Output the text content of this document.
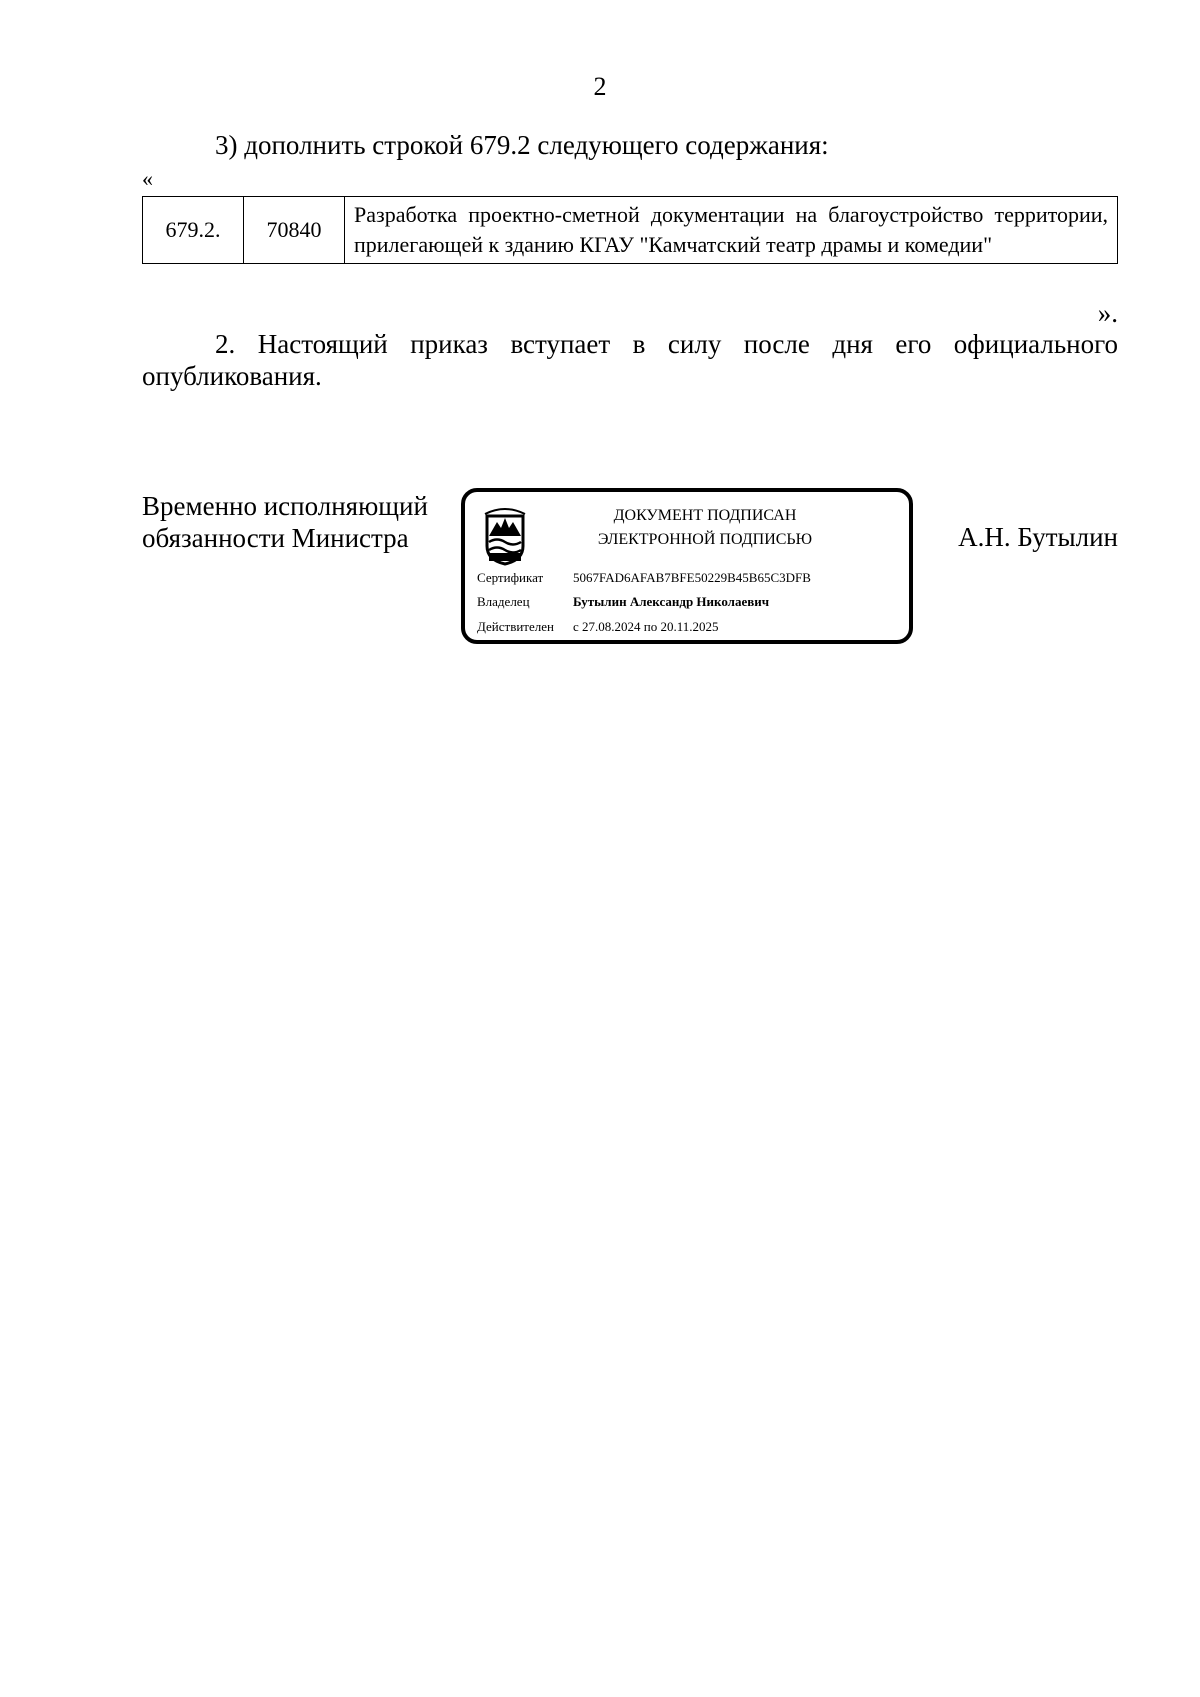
2
3) дополнить строкой 679.2 следующего содержания:
«
679.2.	70840	Разработка проектно-сметной документации на благоустройство территории, прилегающей к зданию КГАУ "Камчатский театр драмы и комедии"
».
2. Настоящий приказ вступает в силу после дня его официального опубликования.
Временно исполняющий
обязанности Министра
ДОКУМЕНТ ПОДПИСАН
ЭЛЕКТРОННОЙ ПОДПИСЬЮ
Сертификат 5067FAD6AFAB7BFE50229B45B65C3DFB
Владелец	Бутылин Александр Николаевич
Действителен с 27.08.2024 по 20.11.2025
А.Н. Бутылин
